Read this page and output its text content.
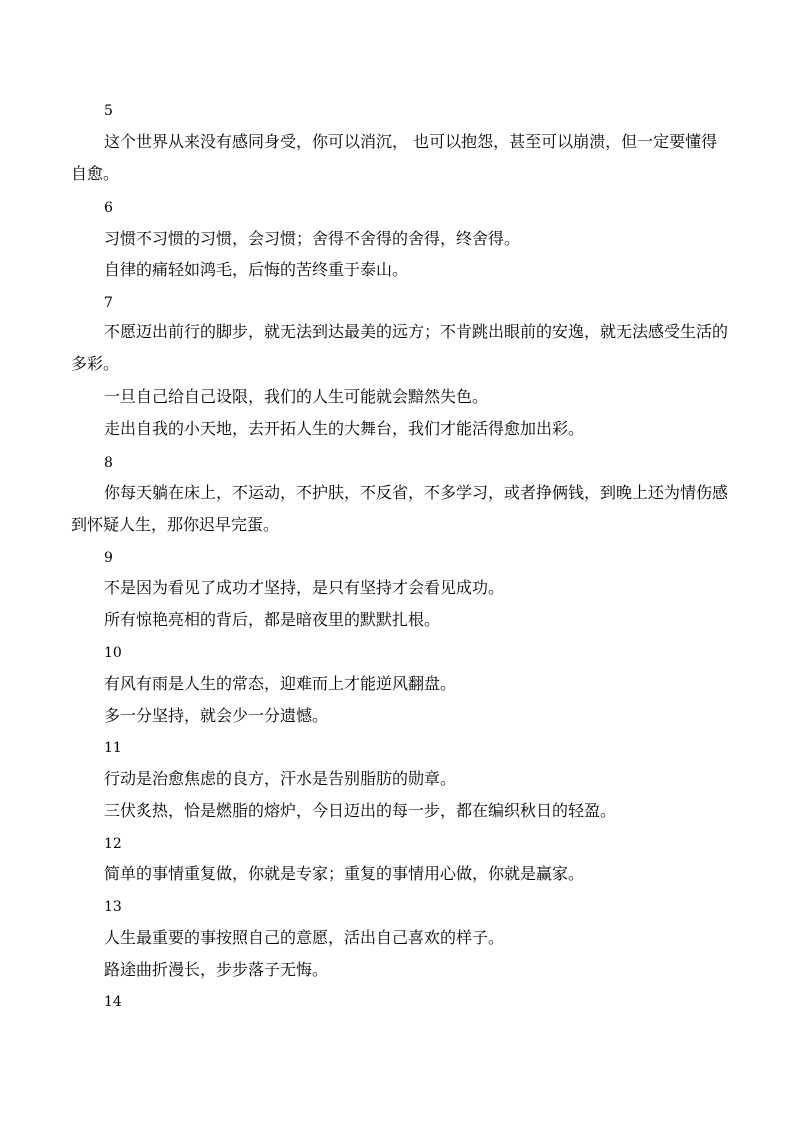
5
这个世界从来没有感同身受，你可以消沉， 也可以抱怨，甚至可以崩溃，但一定要懂得
自愈。
6
习惯不习惯的习惯，会习惯；舍得不舍得的舍得，终舍得。
自律的痛轻如鸿毛，后悔的苦终重于泰山。
7
不愿迈出前行的脚步，就无法到达最美的远方；不肯跳出眼前的安逸，就无法感受生活的
多彩。
一旦自己给自己设限，我们的人生可能就会黯然失色。
走出自我的小天地，去开拓人生的大舞台，我们才能活得愈加出彩。
8
你每天躺在床上，不运动，不护肤，不反省，不多学习，或者挣俩钱，到晚上还为情伤感
到怀疑人生，那你迟早完蛋。
9
不是因为看见了成功才坚持，是只有坚持才会看见成功。
所有惊艳亮相的背后，都是暗夜里的默默扎根。
10
有风有雨是人生的常态，迎难而上才能逆风翻盘。
多一分坚持，就会少一分遗憾。
11
行动是治愈焦虑的良方，汗水是告别脂肪的勋章。
三伏炙热，恰是燃脂的熔炉，今日迈出的每一步，都在编织秋日的轻盈。
12
简单的事情重复做，你就是专家；重复的事情用心做，你就是赢家。
13
人生最重要的事按照自己的意愿，活出自己喜欢的样子。
路途曲折漫长，步步落子无悔。
14
